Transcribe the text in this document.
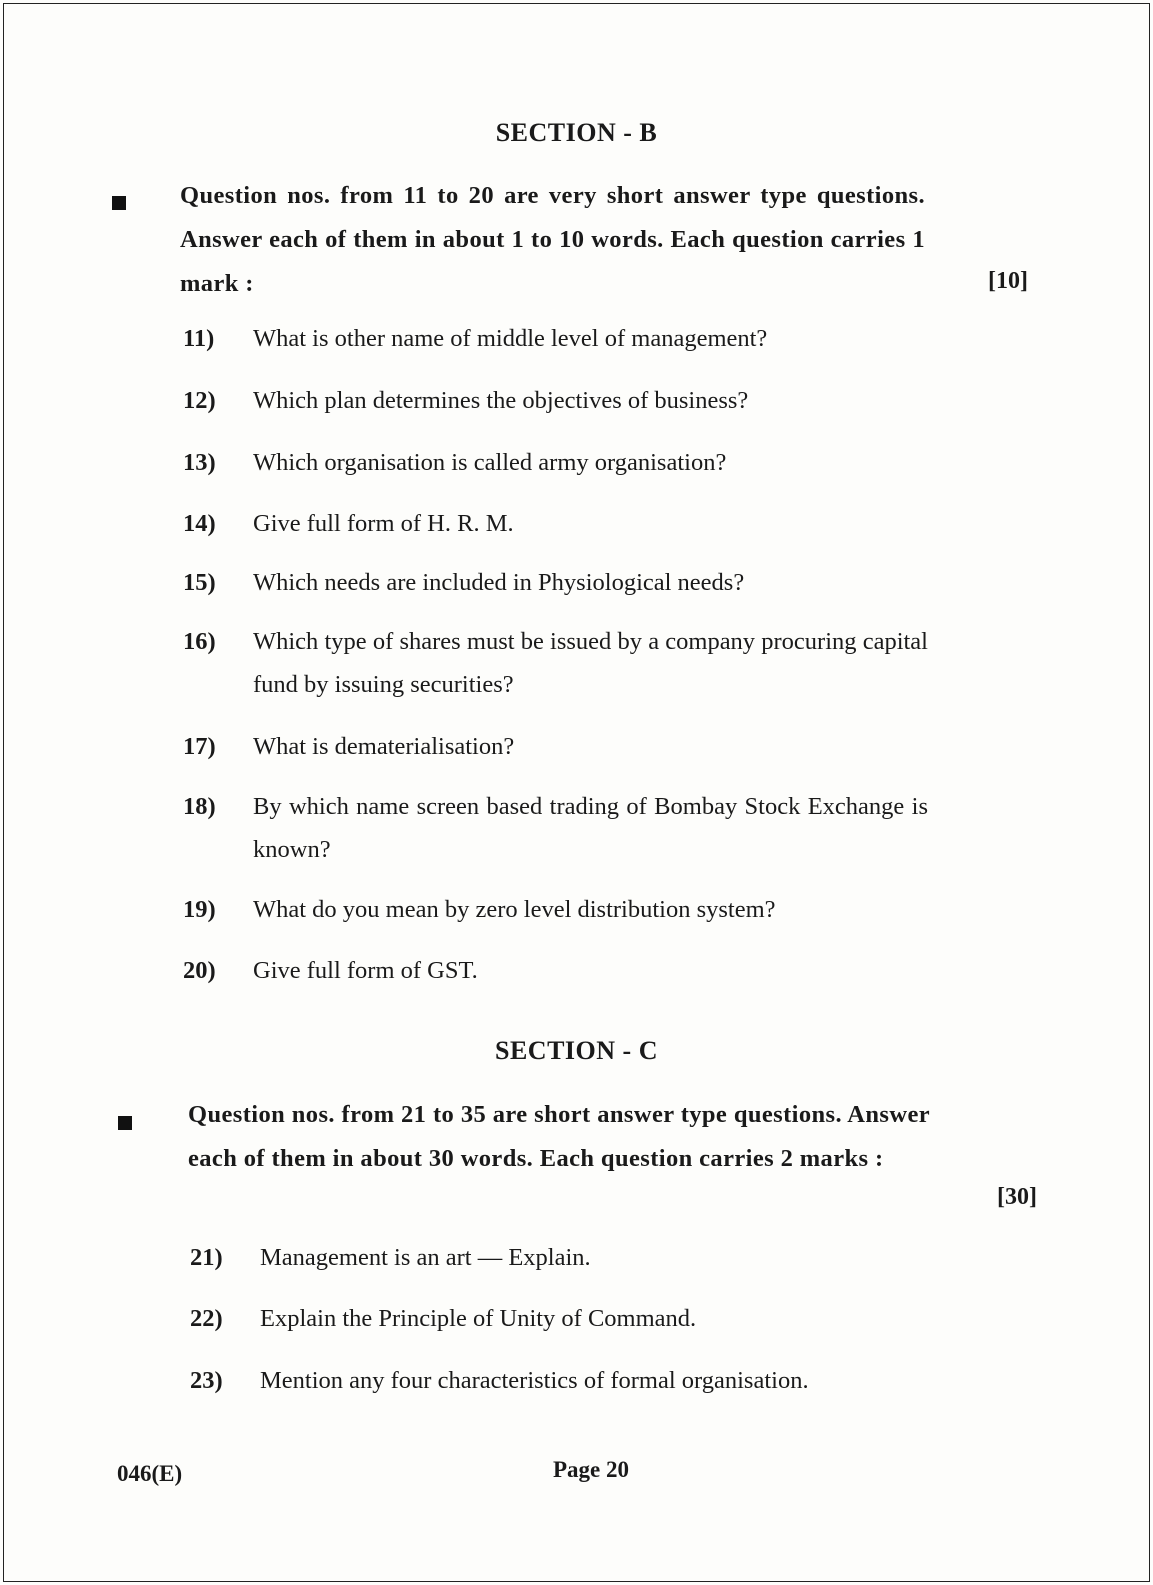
SECTION - B
Question nos. from 11 to 20 are very short answer type questions. Answer each of them in about 1 to 10 words. Each question carries 1 mark :	[10]
11)	What is other name of middle level of management?
12)	Which plan determines the objectives of business?
13)	Which organisation is called army organisation?
14)	Give full form of H. R. M.
15)	Which needs are included in Physiological needs?
16)	Which type of shares must be issued by a company procuring capital fund by issuing securities?
17)	What is dematerialisation?
18)	By which name screen based trading of Bombay Stock Exchange is known?
19)	What do you mean by zero level distribution system?
20)	Give full form of GST.
SECTION - C
Question nos. from 21 to 35 are short answer type questions. Answer each of them in about 30 words. Each question carries 2 marks :
[30]
21)	Management is an art — Explain.
22)	Explain the Principle of Unity of Command.
23)	Mention any four characteristics of formal organisation.
046(E)	Page 20
